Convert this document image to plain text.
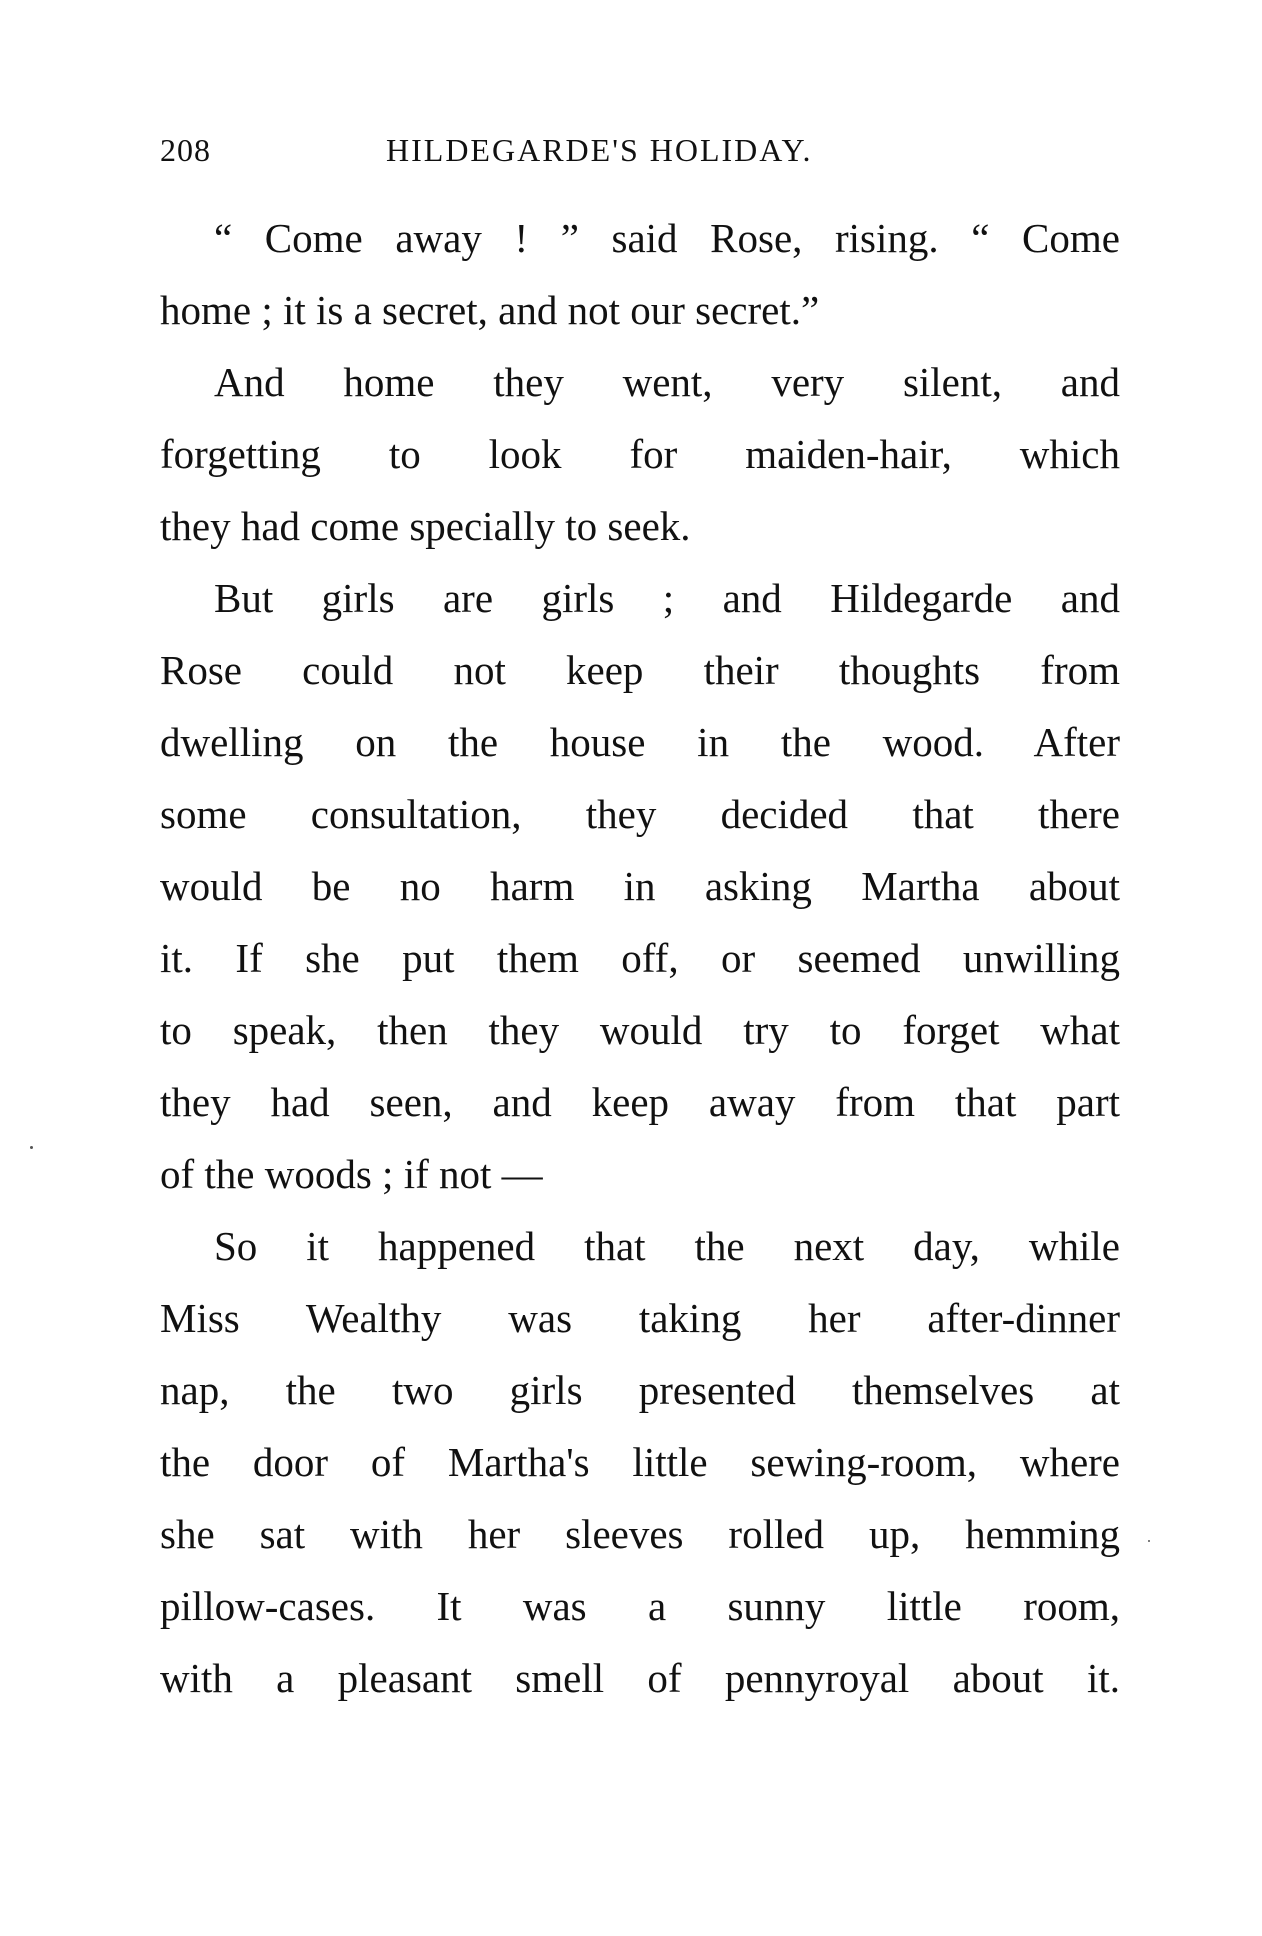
208	HILDEGARDE'S HOLIDAY.
“ Come away ! ” said Rose, rising. “ Come
home ; it is a secret, and not our secret.”
And home they went, very silent, and
forgetting to look for maiden-hair, which
they had come specially to seek.
But girls are girls ; and Hildegarde and
Rose could not keep their thoughts from
dwelling on the house in the wood. After
some consultation, they decided that there
would be no harm in asking Martha about
it. If she put them off, or seemed unwilling
to speak, then they would try to forget what
they had seen, and keep away from that part
of the woods ; if not —
So it happened that the next day, while
Miss Wealthy was taking her after-dinner
nap, the two girls presented themselves at
the door of Martha's little sewing-room, where
she sat with her sleeves rolled up, hemming
pillow-cases. It was a sunny little room,
with a pleasant smell of pennyroyal about it.
